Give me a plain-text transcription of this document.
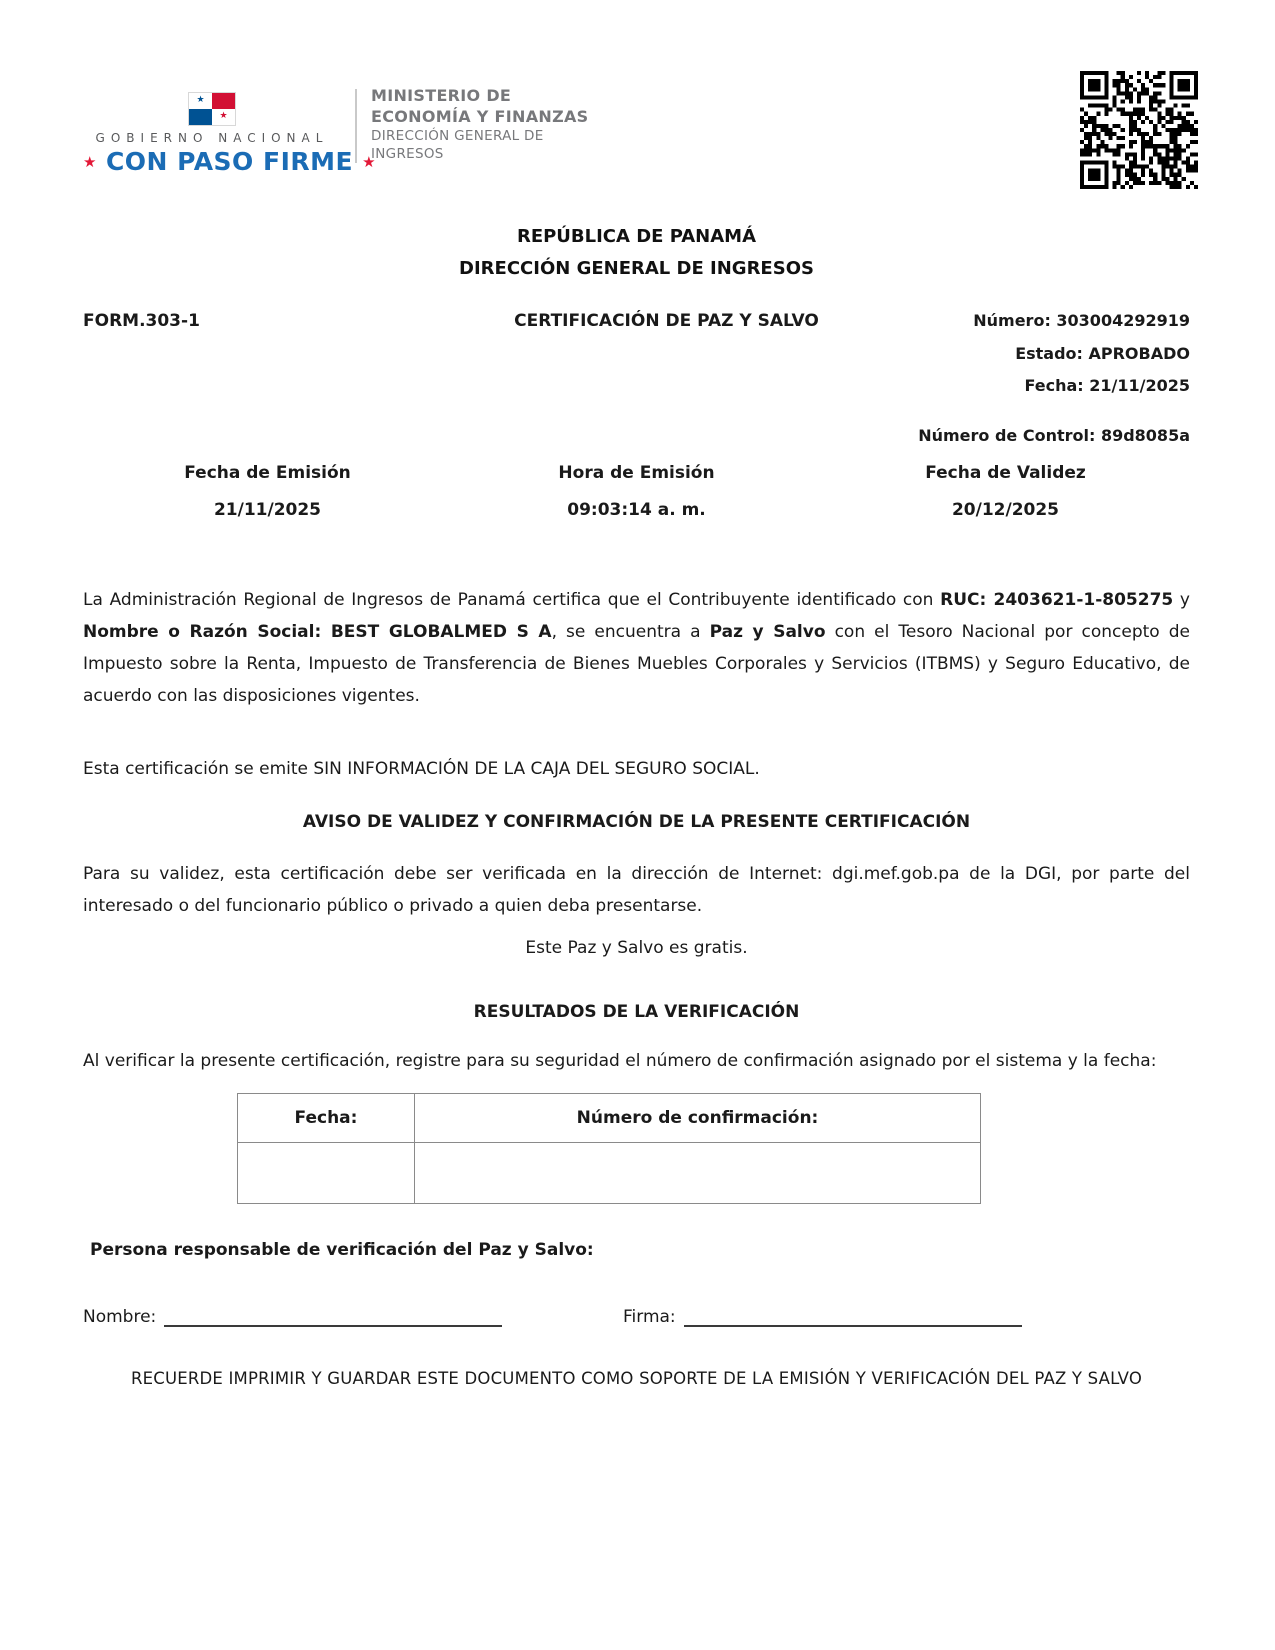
★
★
GOBIERNO NACIONAL
★ CON PASO FIRME ★
MINISTERIO DE
ECONOMÍA Y FINANZAS
DIRECCIÓN GENERAL DE
INGRESOS
REPÚBLICA DE PANAMÁ
DIRECCIÓN GENERAL DE INGRESOS
FORM.303-1	CERTIFICACIÓN DE PAZ Y SALVO	Número: 303004292919
Estado: APROBADO
Fecha: 21/11/2025
Número de Control: 89d8085a
Fecha de Emisión	Hora de Emisión	Fecha de Validez
21/11/2025	09:03:14 a. m.	20/12/2025

La Administración Regional de Ingresos de Panamá certifica que el Contribuyente identificado con RUC: 2403621-1-805275 y Nombre o Razón Social: BEST GLOBALMED S A, se encuentra a Paz y Salvo con el Tesoro Nacional por concepto de Impuesto sobre la Renta, Impuesto de Transferencia de Bienes Muebles Corporales y Servicios (ITBMS) y Seguro Educativo, de acuerdo con las disposiciones vigentes.

Esta certificación se emite SIN INFORMACIÓN DE LA CAJA DEL SEGURO SOCIAL.

AVISO DE VALIDEZ Y CONFIRMACIÓN DE LA PRESENTE CERTIFICACIÓN

Para su validez, esta certificación debe ser verificada en la dirección de Internet: dgi.mef.gob.pa de la DGI, por parte del interesado o del funcionario público o privado a quien deba presentarse.

Este Paz y Salvo es gratis.

RESULTADOS DE LA VERIFICACIÓN

Al verificar la presente certificación, registre para su seguridad el número de confirmación asignado por el sistema y la fecha:

Fecha:	Número de confirmación:

Persona responsable de verificación del Paz y Salvo:
Nombre:	Firma:
RECUERDE IMPRIMIR Y GUARDAR ESTE DOCUMENTO COMO SOPORTE DE LA EMISIÓN Y VERIFICACIÓN DEL PAZ Y SALVO
